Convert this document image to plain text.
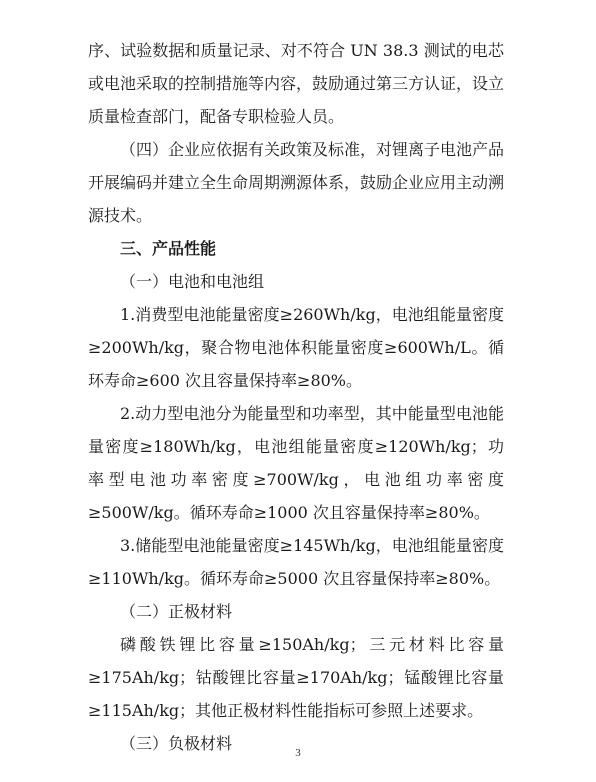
序、试验数据和质量记录、对不符合 UN 38.3 测试的电芯或电池采取的控制措施等内容，鼓励通过第三方认证，设立质量检查部门，配备专职检验人员。

（四）企业应依据有关政策及标准，对锂离子电池产品开展编码并建立全生命周期溯源体系，鼓励企业应用主动溯源技术。

三、产品性能

（一）电池和电池组

1.消费型电池能量密度≥260Wh/kg，电池组能量密度≥200Wh/kg，聚合物电池体积能量密度≥600Wh/L。循环寿命≥600 次且容量保持率≥80%。

2.动力型电池分为能量型和功率型，其中能量型电池能量密度≥180Wh/kg，电池组能量密度≥120Wh/kg；功率型电池功率密度≥700W/kg，电池组功率密度≥500W/kg。循环寿命≥1000 次且容量保持率≥80%。

3.储能型电池能量密度≥145Wh/kg，电池组能量密度≥110Wh/kg。循环寿命≥5000 次且容量保持率≥80%。

（二）正极材料

磷酸铁锂比容量≥150Ah/kg；三元材料比容量≥175Ah/kg；钴酸锂比容量≥170Ah/kg；锰酸锂比容量≥115Ah/kg；其他正极材料性能指标可参照上述要求。

（三）负极材料	3
